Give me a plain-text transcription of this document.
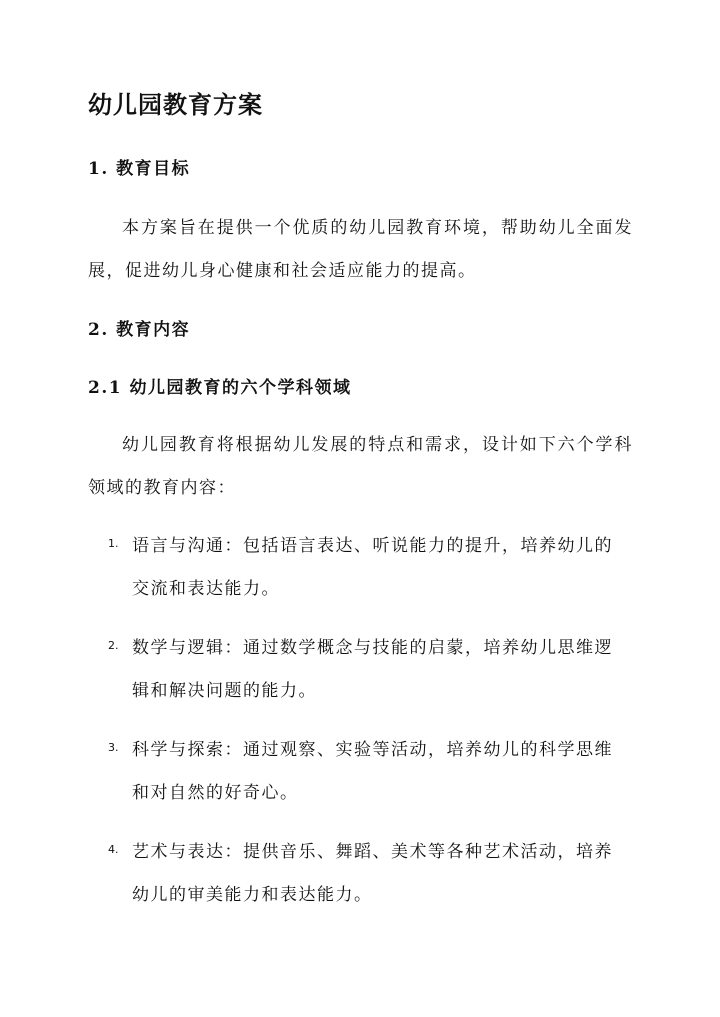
幼儿园教育方案
1. 教育目标

本方案旨在提供一个优质的幼儿园教育环境，帮助幼儿全面发展，促进幼儿身心健康和社会适应能力的提高。

2. 教育内容
2.1 幼儿园教育的六个学科领域

幼儿园教育将根据幼儿发展的特点和需求，设计如下六个学科领域的教育内容：

1. 语言与沟通：包括语言表达、听说能力的提升，培养幼儿的交流和表达能力。
2. 数学与逻辑：通过数学概念与技能的启蒙，培养幼儿思维逻辑和解决问题的能力。
3. 科学与探索：通过观察、实验等活动，培养幼儿的科学思维和对自然的好奇心。
4. 艺术与表达：提供音乐、舞蹈、美术等各种艺术活动，培养幼儿的审美能力和表达能力。
